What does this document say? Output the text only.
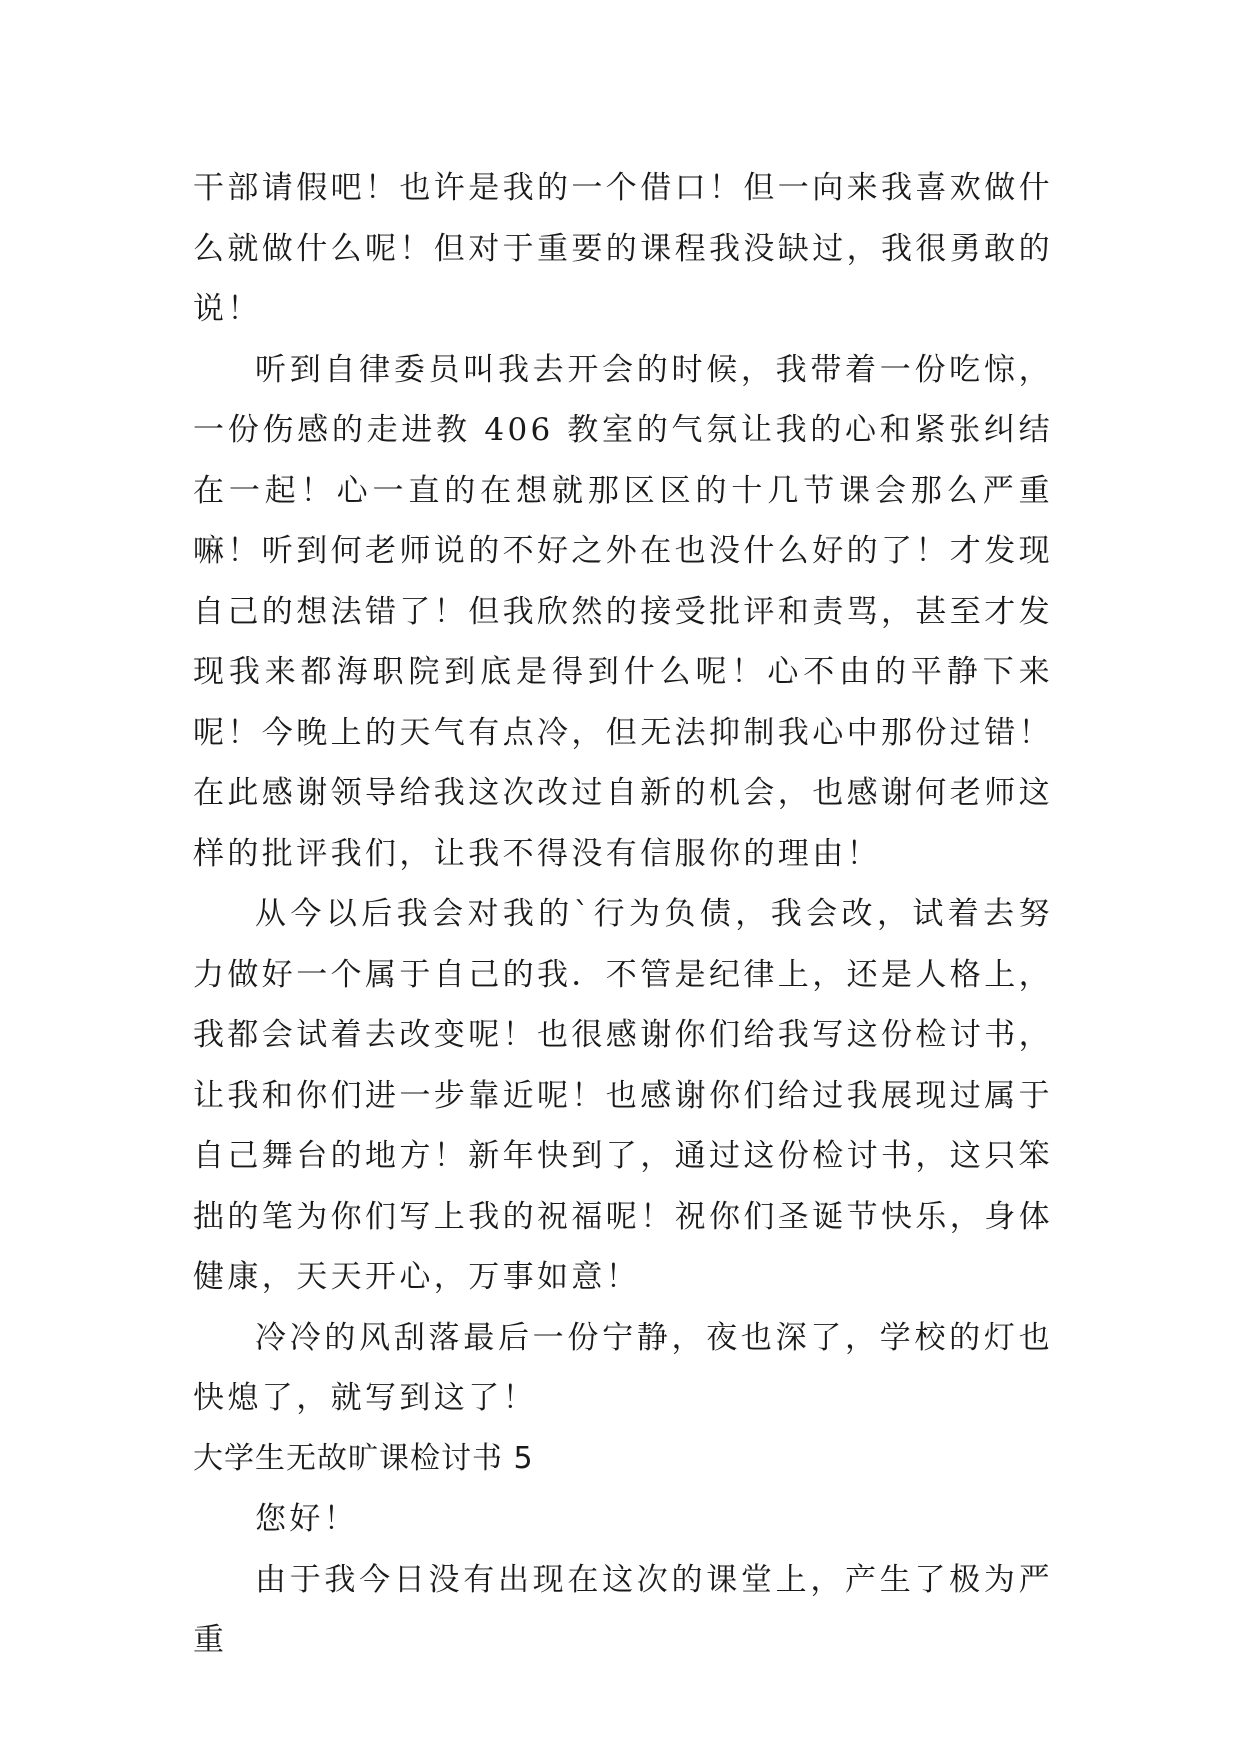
干部请假吧！也许是我的一个借口！但一向来我喜欢做什么就做什么呢！但对于重要的课程我没缺过，我很勇敢的说！

听到自律委员叫我去开会的时候，我带着一份吃惊，一份伤感的走进教 406 教室的气氛让我的心和紧张纠结在一起！心一直的在想就那区区的十几节课会那么严重嘛！听到何老师说的不好之外在也没什么好的了！才发现自己的想法错了！但我欣然的接受批评和责骂，甚至才发现我来都海职院到底是得到什么呢！心不由的平静下来呢！今晚上的天气有点冷，但无法抑制我心中那份过错！在此感谢领导给我这次改过自新的机会，也感谢何老师这样的批评我们，让我不得没有信服你的理由！

从今以后我会对我的`行为负债，我会改，试着去努力做好一个属于自己的我．不管是纪律上，还是人格上，我都会试着去改变呢！也很感谢你们给我写这份检讨书，让我和你们进一步靠近呢！也感谢你们给过我展现过属于自己舞台的地方！新年快到了，通过这份检讨书，这只笨拙的笔为你们写上我的祝福呢！祝你们圣诞节快乐，身体健康，天天开心，万事如意！

冷冷的风刮落最后一份宁静，夜也深了，学校的灯也快熄了，就写到这了！

大学生无故旷课检讨书 5

您好！

由于我今日没有出现在这次的课堂上，产生了极为严重
